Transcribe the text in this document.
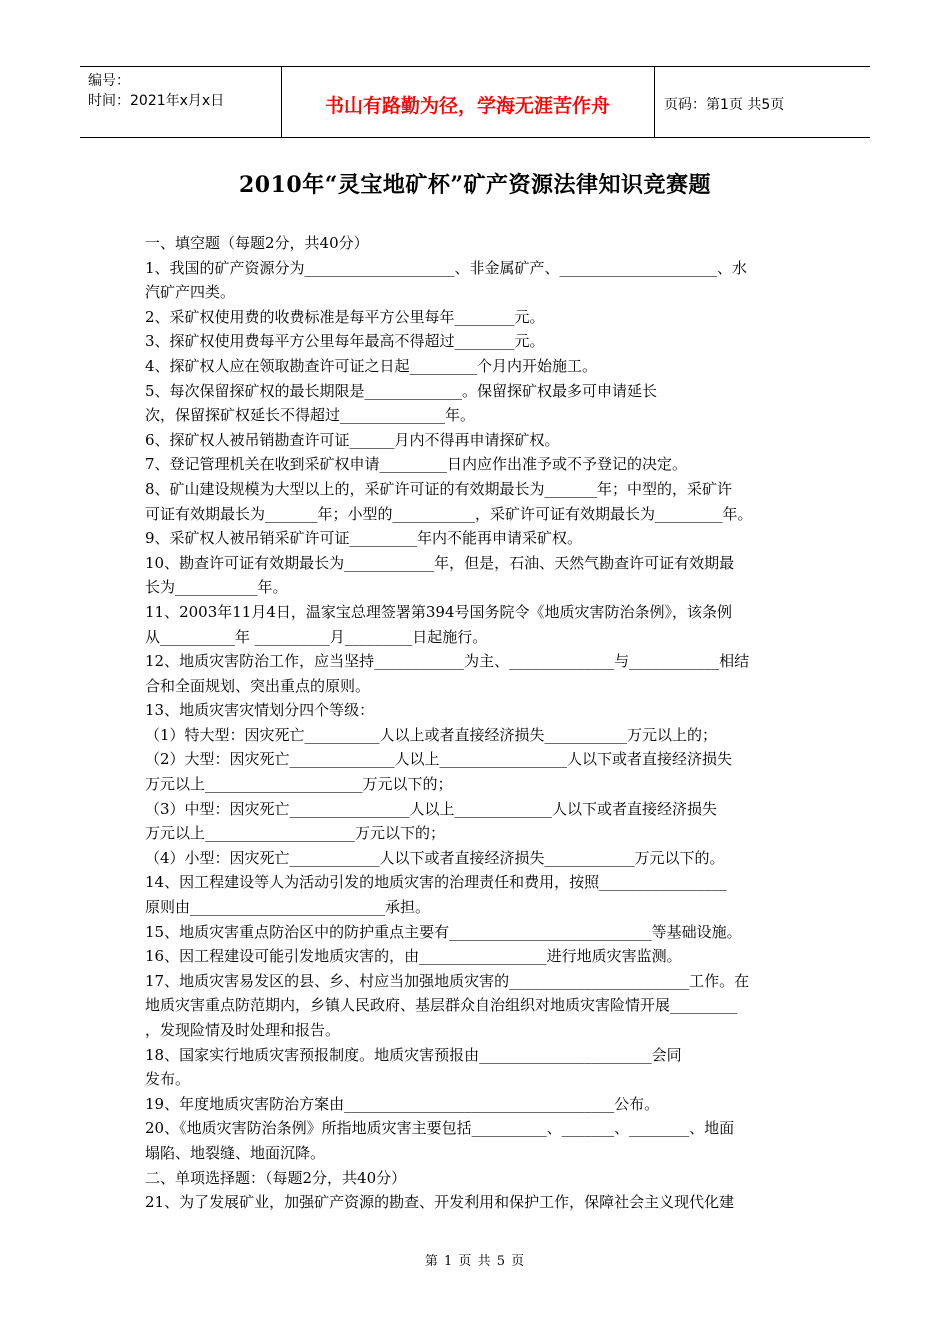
编号：
时间：2021年x月x日	书山有路勤为径，学海无涯苦作舟	页码：第1页 共5页
2010年“灵宝地矿杯”矿产资源法律知识竞赛题
一、填空题（每题2分，共40分）
1、我国的矿产资源分为____________________、非金属矿产、_____________________、水
汽矿产四类。
2、采矿权使用费的收费标准是每平方公里每年________元。
3、探矿权使用费每平方公里每年最高不得超过________元。
4、探矿权人应在领取勘查许可证之日起_________个月内开始施工。
5、每次保留探矿权的最长期限是_____________。保留探矿权最多可申请延长
次，保留探矿权延长不得超过______________年。
6、探矿权人被吊销勘查许可证______月内不得再申请探矿权。
7、登记管理机关在收到采矿权申请_________日内应作出准予或不予登记的决定。
8、矿山建设规模为大型以上的，采矿许可证的有效期最长为_______年；中型的，采矿许
可证有效期最长为_______年；小型的___________，采矿许可证有效期最长为_________年。
9、采矿权人被吊销采矿许可证_________年内不能再申请采矿权。
10、勘查许可证有效期最长为____________年，但是，石油、天然气勘查许可证有效期最
长为___________年。
11、2003年11月4日，温家宝总理签署第394号国务院令《地质灾害防治条例》，该条例
从__________年 __________月_________日起施行。
12、地质灾害防治工作，应当坚持____________为主、______________与____________相结
合和全面规划、突出重点的原则。
13、地质灾害灾情划分四个等级：
（1）特大型：因灾死亡__________人以上或者直接经济损失___________万元以上的；
（2）大型：因灾死亡______________人以上_________________人以下或者直接经济损失
万元以上_____________________万元以下的；
（3）中型：因灾死亡________________人以上_____________人以下或者直接经济损失
万元以上____________________万元以下的；
（4）小型：因灾死亡____________人以下或者直接经济损失____________万元以下的。
14、因工程建设等人为活动引发的地质灾害的治理责任和费用，按照_________________
原则由__________________________承担。
15、地质灾害重点防治区中的防护重点主要有___________________________等基础设施。
16、因工程建设可能引发地质灾害的，由_________________进行地质灾害监测。
17、地质灾害易发区的县、乡、村应当加强地质灾害的________________________工作。在
地质灾害重点防范期内，乡镇人民政府、基层群众自治组织对地质灾害险情开展_________
，发现险情及时处理和报告。
18、国家实行地质灾害预报制度。地质灾害预报由_______________________会同
发布。
19、年度地质灾害防治方案由____________________________________公布。
20、《地质灾害防治条例》所指地质灾害主要包括__________、_______、________、地面
塌陷、地裂缝、地面沉降。
二、单项选择题：（每题2分，共40分）
21、为了发展矿业，加强矿产资源的勘查、开发利用和保护工作，保障社会主义现代化建
第 1 页 共 5 页
